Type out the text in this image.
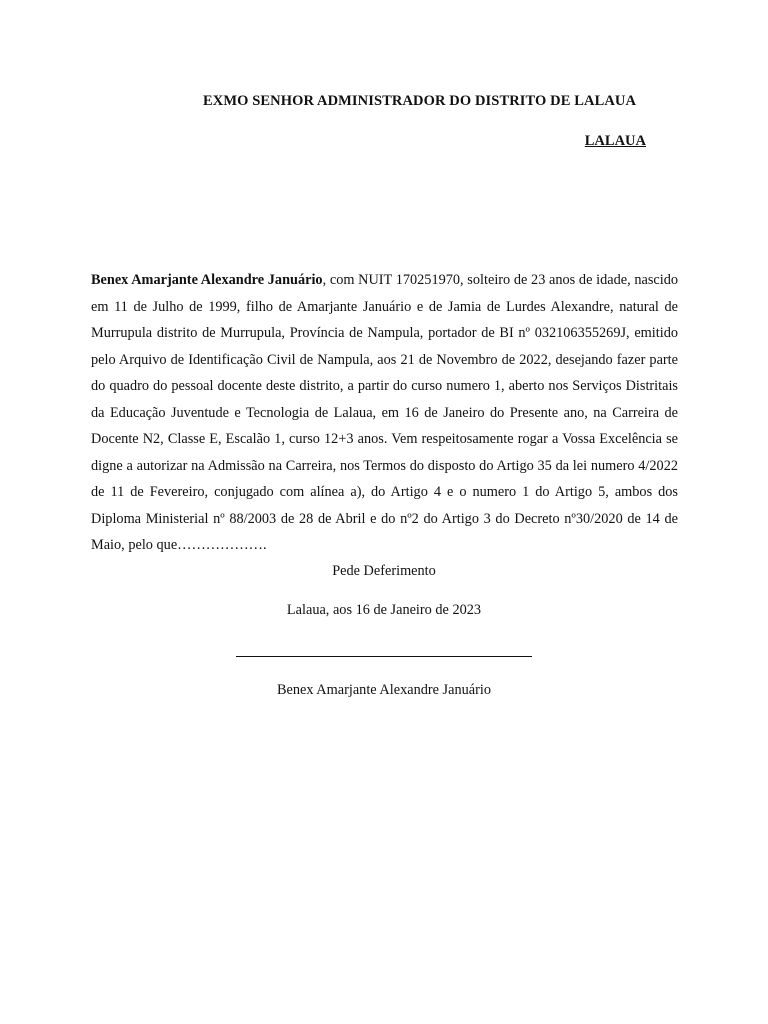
EXMO SENHOR ADMINISTRADOR DO DISTRITO DE LALAUA
LALAUA

Benex Amarjante Alexandre Januário, com NUIT 170251970, solteiro de 23 anos de idade, nascido em 11 de Julho de 1999, filho de Amarjante Januário e de Jamia de Lurdes Alexandre, natural de Murrupula distrito de Murrupula, Província de Nampula, portador de BI nº 032106355269J, emitido pelo Arquivo de Identificação Civil de Nampula, aos 21 de Novembro de 2022, desejando fazer parte do quadro do pessoal docente deste distrito, a partir do curso numero 1, aberto nos Serviços Distritais da Educação Juventude e Tecnologia de Lalaua, em 16 de Janeiro do Presente ano, na Carreira de Docente N2, Classe E, Escalão 1, curso 12+3 anos. Vem respeitosamente rogar a Vossa Excelência se digne a autorizar na Admissão na Carreira, nos Termos do disposto do Artigo 35 da lei numero 4/2022 de 11 de Fevereiro, conjugado com alínea a), do Artigo 4 e o numero 1 do Artigo 5, ambos dos Diploma Ministerial nº 88/2003 de 28 de Abril e do nº2 do Artigo 3 do Decreto nº30/2020 de 14 de Maio, pelo que……………….

Pede Deferimento
Lalaua, aos 16 de Janeiro de 2023
Benex Amarjante Alexandre Januário
